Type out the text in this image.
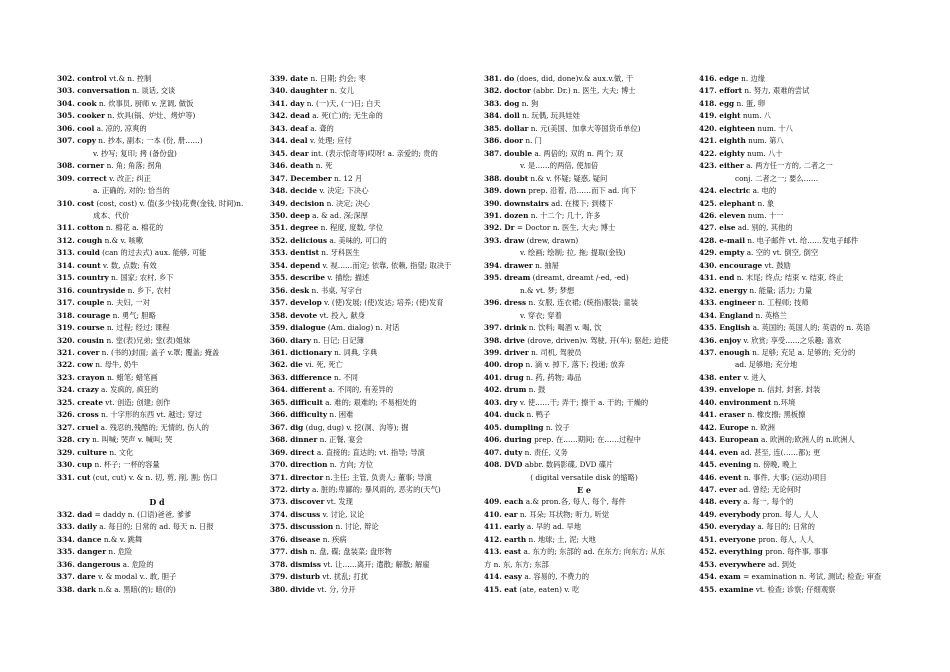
302. control vt.& n. 控制
303. conversation n. 谈话, 交谈
304. cook n. 炊事员, 厨师 v. 烹调, 做饭
305. cooker n. 炊具(锅、炉灶、烤炉等)
306. cool a. 凉的, 凉爽的
307. copy n. 抄本, 副本; 一本 (份, 册……)
v. 抄写; 复印; 拷 (备份盘)
308. corner n. 角; 角落; 拐角
309. correct v. 改正; 纠正
a. 正确的, 对的; 恰当的
310. cost (cost, cost) v. 值(多少钱)花费(金钱, 时间)n.
成本、代价
311. cotton n. 棉花 a. 棉花的
312. cough n.& v. 咳嗽
313. could (can 的过去式) aux. 能够, 可能
314. count v. 数, 点数; 有效
315. country n. 国家; 农村, 乡下
316. countryside n. 乡下, 农村
317. couple n. 夫妇, 一对
318. courage n. 勇气; 胆略
319. course n. 过程; 经过; 课程
320. cousin n. 堂(表)兄弟; 堂(表)姐妹
321. cover n. (书的)封面; 盖子 v.罩; 覆盖; 掩盖
322. cow n. 母牛, 奶牛
323. crayon n. 蜡笔; 蜡笔画
324. crazy a. 发疯的, 疯狂的
325. create vt. 创造; 创建; 创作
326. cross n. 十字形的东西 vt. 越过; 穿过
327. cruel a. 残忍的,残酷的; 无情的, 伤人的
328. cry n. 叫喊; 哭声 v. 喊叫; 哭
329. culture n. 文化
330. cup n. 杯子; 一杯的容量
331. cut (cut, cut) v. & n. 切, 剪, 削, 割; 伤口

D d
332. dad = daddy n. (口语)爸爸, 爹爹
333. daily a. 每日的; 日常的 ad. 每天 n. 日报
334. dance n.& v. 跳舞
335. danger n. 危险
336. dangerous a. 危险的
337. dare v. & modal v.. 敢, 胆子
338. dark n.& a. 黑暗(的); 暗(的)
339. date n. 日期; 约会; 枣
340. daughter n. 女儿
341. day n. (一)天, (一)日; 白天
342. dead a. 死(亡)的; 无生命的
343. deaf a. 聋的
344. deal v. 处理; 应付
345. dear int. (表示惊奇等)哎呀! a. 亲爱的; 贵的
346. death n. 死
347. December n. 12 月
348. decide v. 决定; 下决心
349. decision n. 决定; 决心
350. deep a. & ad. 深;深厚
351. degree n. 程度, 度数, 学位
352. delicious a. 美味的, 可口的
353. dentist n. 牙科医生
354. depend v. 视……而定; 依靠, 依赖, 指望; 取决于
355. describe v. 描绘; 描述
356. desk n. 书桌, 写字台
357. develop v. (使)发展; (使)发达; 培养; (使)发育
358. devote vt. 投入, 献身
359. dialogue (Am. dialog) n. 对话
360. diary n. 日记; 日记簿
361. dictionary n. 词典, 字典
362. die vi. 死, 死亡
363. difference n. 不同
364. different a. 不同的, 有差异的
365. difficult a. 难的; 艰难的; 不易相处的
366. difficulty n. 困难
367. dig (dug, dug) v. 挖(洞、沟等); 掘
368. dinner n. 正餐, 宴会
369. direct a. 直接的; 直达的; vt. 指导; 导演
370. direction n. 方向; 方位
371. director n.主任; 主管, 负责人; 董事; 导演
372. dirty a. 脏的;卑鄙的; 暴风雨的, 恶劣的(天气)
373. discover vt. 发现
374. discuss v. 讨论, 议论
375. discussion n. 讨论, 辩论
376. disease n. 疾病
377. dish n. 盘, 碟; 盘装菜; 盘形物
378. dismiss vt. 让……离开; 遣散; 解散; 解雇
379. disturb vt. 扰乱; 打扰
380. divide vt. 分, 分开
381. do (does, did, done)v.& aux.v.做, 干
382. doctor (abbr. Dr.) n. 医生, 大夫; 博士
383. dog n. 狗
384. doll n. 玩偶, 玩具娃娃
385. dollar n. 元(美国、加拿大等国货币单位)
386. door n. 门
387. double a. 两倍的; 双的 n. 两个; 双
v. 是……的两倍, 使加倍
388. doubt n.& v. 怀疑; 疑惑, 疑问
389. down prep. 沿着, 沿……而下 ad. 向下
390. downstairs ad. 在楼下; 到楼下
391. dozen n. 十二个; 几十, 许多
392. Dr = Doctor n. 医生, 大夫; 博士
393. draw (drew, drawn)
v. 绘画; 绘制; 拉, 拖; 提取(金钱)
394. drawer n. 抽屉
395. dream (dreamt, dreamt /-ed, -ed)
n.& vt. 梦; 梦想
396. dress n. 女服, 连衣裙; (统指)服装; 童装
v. 穿衣; 穿着
397. drink n. 饮料; 喝酒 v. 喝, 饮
398. drive (drove, driven)v. 驾驶, 开(车); 驱赶; 迫使
399. driver n. 司机, 驾驶员
400. drop n. 滴 v. 掉下, 落下; 投递; 放弃
401. drug n. 药, 药物; 毒品
402. drum n. 鼓
403. dry v. 使……干; 弄干; 擦干 a. 干的; 干燥的
404. duck n. 鸭子
405. dumpling n. 饺子
406. during prep. 在……期间; 在……过程中
407. duty n. 责任, 义务
408. DVD abbr. 数码影碟, DVD 碟片
( digital versatile disk 的缩略)
E e
409. each a.& pron.各, 每人, 每个, 每件
410. ear n. 耳朵; 耳状物; 听力, 听觉
411. early a. 早的 ad. 早地
412. earth n. 地球; 土, 泥; 大地
413. east a. 东方的; 东部的 ad. 在东方; 向东方; 从东
方 n. 东, 东方; 东部
414. easy a. 容易的, 不费力的
415. eat (ate, eaten) v. 吃
416. edge n. 边缘
417. effort n. 努力, 艰难的尝试
418. egg n. 蛋, 卵
419. eight num. 八
420. eighteen num. 十八
421. eighth num. 第八
422. eighty num. 八十
423. either a. 两方任一方的, 二者之一
conj. 二者之一; 要么……
424. electric a. 电的
425. elephant n. 象
426. eleven num. 十一
427. else ad. 别的, 其他的
428. e-mail n. 电子邮件 vt. 给……发电子邮件
429. empty a. 空的 vt. 倒空, 倒空
430. encourage vt. 鼓励
431. end n. 末尾; 终点; 结束 v. 结束, 终止
432. energy n. 能量; 活力; 力量
433. engineer n. 工程师; 技师
434. England n. 英格兰
435. English a. 英国的; 英国人的; 英语的 n. 英语
436. enjoy v. 欣赏; 享受……之乐趣; 喜欢
437. enough n. 足够; 充足 a. 足够的; 充分的
ad. 足够地; 充分地
438. enter v. 进入
439. envelope n. 信封, 封套, 封装
440. environment n.环境
441. eraser n. 橡皮擦; 黑板擦
442. Europe n. 欧洲
443. European a. 欧洲的;欧洲人的 n.欧洲人
444. even ad. 甚至, 连(……都); 更
445. evening n. 傍晚, 晚上
446. event n. 事件, 大事; (运动)项目
447. ever ad. 曾经; 无论何时
448. every a. 每一, 每个的
449. everybody pron. 每人, 人人
450. everyday a. 每日的; 日常的
451. everyone pron. 每人, 人人
452. everything pron. 每件事, 事事
453. everywhere ad. 到处
454. exam = examination n. 考试, 测试; 检查; 审查
455. examine vt. 检查; 诊察; 仔细观察
